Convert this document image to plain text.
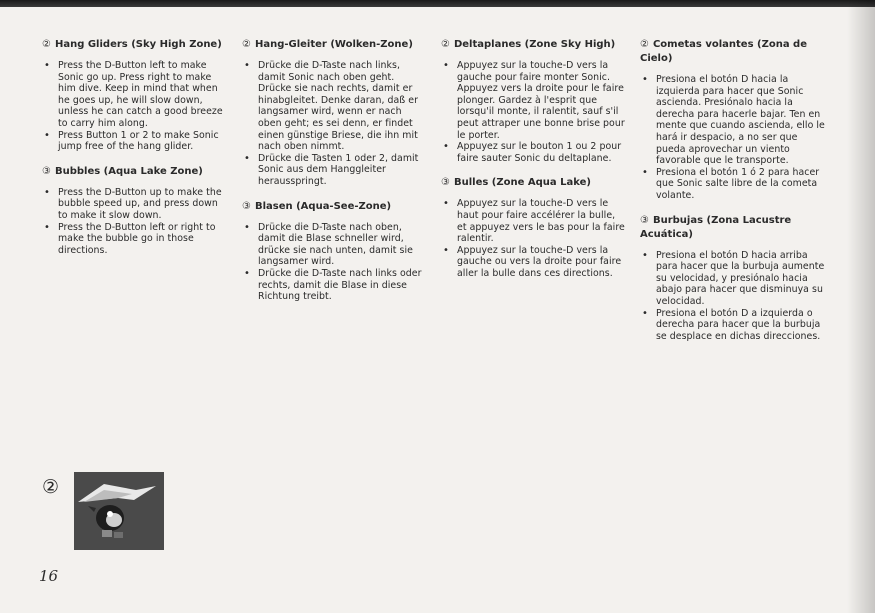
② Hang Gliders (Sky High Zone)
• Press the D-Button left to make Sonic go up. Press right to make him dive. Keep in mind that when he goes up, he will slow down, unless he can catch a good breeze to carry him along.
• Press Button 1 or 2 to make Sonic jump free of the hang glider.
③ Bubbles (Aqua Lake Zone)
• Press the D-Button up to make the bubble speed up, and press down to make it slow down.
• Press the D-Button left or right to make the bubble go in those directions.
② Hang-Gleiter (Wolken-Zone)
• Drücke die D-Taste nach links, damit Sonic nach oben geht. Drücke sie nach rechts, damit er hinabgleitet. Denke daran, daß er langsamer wird, wenn er nach oben geht; es sei denn, er findet einen günstige Briese, die ihn mit nach oben nimmt.
• Drücke die Tasten 1 oder 2, damit Sonic aus dem Hanggleiter herausspringt.
③ Blasen (Aqua-See-Zone)
• Drücke die D-Taste nach oben, damit die Blase schneller wird, drücke sie nach unten, damit sie langsamer wird.
• Drücke die D-Taste nach links oder rechts, damit die Blase in diese Richtung treibt.
② Deltaplanes (Zone Sky High)
• Appuyez sur la touche-D vers la gauche pour faire monter Sonic. Appuyez vers la droite pour le faire plonger. Gardez à l'esprit que lorsqu'il monte, il ralentit, sauf s'il peut attraper une bonne brise pour le porter.
• Appuyez sur le bouton 1 ou 2 pour faire sauter Sonic du deltaplane.
③ Bulles (Zone Aqua Lake)
• Appuyez sur la touche-D vers le haut pour faire accélérer la bulle, et appuyez vers le bas pour la faire ralentir.
• Appuyez sur la touche-D vers la gauche ou vers la droite pour faire aller la bulle dans ces directions.
② Cometas volantes (Zona de Cielo)
• Presiona el botón D hacia la izquierda para hacer que Sonic ascienda. Presiónalo hacia la derecha para hacerle bajar. Ten en mente que cuando ascienda, ello le hará ir despacio, a no ser que pueda aprovechar un viento favorable que le transporte.
• Presiona el botón 1 ó 2 para hacer que Sonic salte libre de la cometa volante.
③ Burbujas (Zona Lacustre Acuática)
• Presiona el botón D hacia arriba para hacer que la burbuja aumente su velocidad, y presiónalo hacia abajo para hacer que disminuya su velocidad.
• Presiona el botón D a izquierda o derecha para hacer que la burbuja se desplace en dichas direcciones.
②
16
